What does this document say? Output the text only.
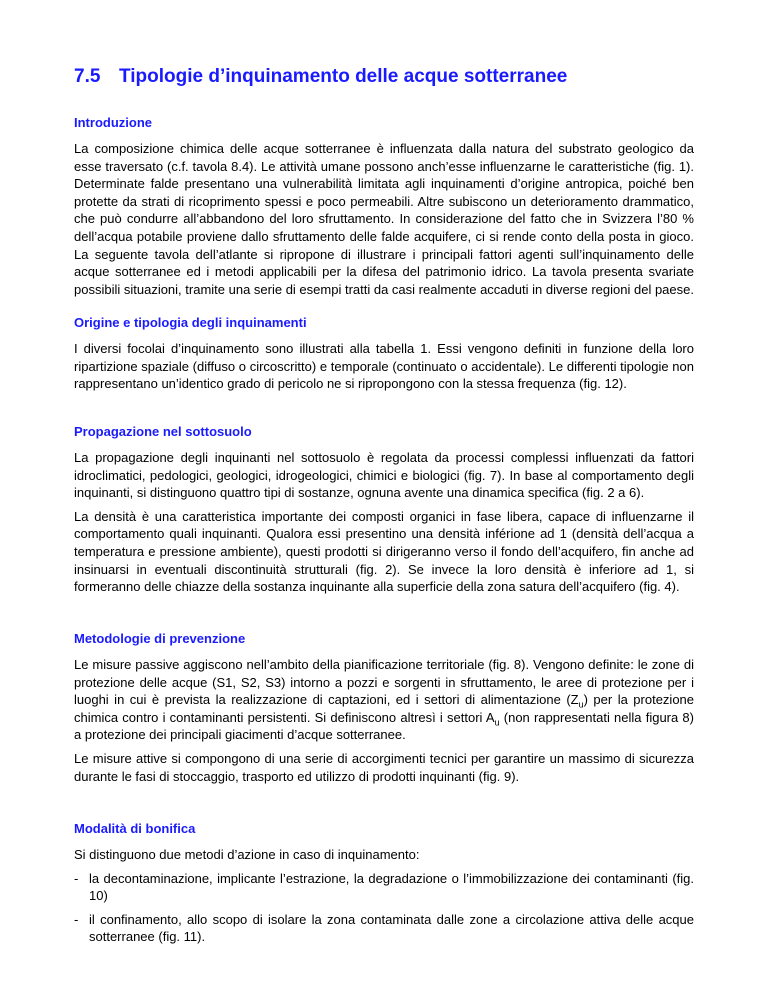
7.5 Tipologie d’inquinamento delle acque sotterranee
Introduzione

La composizione chimica delle acque sotterranee è influenzata dalla natura del substrato geologico da esse traversato (c.f. tavola 8.4). Le attività umane possono anch’esse influenzarne le caratteristiche (fig. 1). Determinate falde presentano una vulnerabilità limitata agli inquinamenti d’origine antropica, poiché ben protette da strati di ricoprimento spessi e poco permeabili. Altre subiscono un deterioramento drammatico, che può condurre all’abbandono del loro sfruttamento. In considerazione del fatto che in Svizzera l’80 % dell’acqua potabile proviene dallo sfruttamento delle falde acquifere, ci si rende conto della posta in gioco. La seguente tavola dell’atlante si ripropone di illustrare i principali fattori agenti sull’inquinamento delle acque sotterranee ed i metodi applicabili per la difesa del patrimonio idrico. La tavola presenta svariate possibili situazioni, tramite una serie di esempi tratti da casi realmente accaduti in diverse regioni del paese.

Origine e tipologia degli inquinamenti

I diversi focolai d’inquinamento sono illustrati alla tabella 1. Essi vengono definiti in funzione della loro ripartizione spaziale (diffuso o circoscritto) e temporale (continuato o accidentale). Le differenti tipologie non rappresentano un’identico grado di pericolo ne si ripropongono con la stessa frequenza (fig. 12).

Propagazione nel sottosuolo

La propagazione degli inquinanti nel sottosuolo è regolata da processi complessi influenzati da fattori idroclimatici, pedologici, geologici, idrogeologici, chimici e biologici (fig. 7). In base al comportamento degli inquinanti, si distinguono quattro tipi di sostanze, ognuna avente una dinamica specifica (fig. 2 a 6).

La densità è una caratteristica importante dei composti organici in fase libera, capace di influenzarne il comportamento quali inquinanti. Qualora essi presentino una densità inférione ad 1 (densità dell’acqua a temperatura e pressione ambiente), questi prodotti si dirigeranno verso il fondo dell’acquifero, fin anche ad insinuarsi in eventuali discontinuità strutturali (fig. 2). Se invece la loro densità è inferiore ad 1, si formeranno delle chiazze della sostanza inquinante alla superficie della zona satura dell’acquifero (fig. 4).

Metodologie di prevenzione

Le misure passive aggiscono nell’ambito della pianificazione territoriale (fig. 8). Vengono definite: le zone di protezione delle acque (S1, S2, S3) intorno a pozzi e sorgenti in sfruttamento, le aree di protezione per i luoghi in cui è prevista la realizzazione di captazioni, ed i settori di alimentazione $(Z_u)$ per la protezione chimica contro i contaminanti persistenti. Si definiscono altresì i settori $A_u$ (non rappresentati nella figura 8) a protezione dei principali giacimenti d’acque sotterranee.

Le misure attive si compongono di una serie di accorgimenti tecnici per garantire un massimo di sicurezza durante le fasi di stoccaggio, trasporto ed utilizzo di prodotti inquinanti (fig. 9).

Modalità di bonifica

Si distinguono due metodi d’azione in caso di inquinamento:

- la decontaminazione, implicante l’estrazione, la degradazione o l’immobilizzazione dei contaminanti (fig. 10)
- il confinamento, allo scopo di isolare la zona contaminata dalle zone a circolazione attiva delle acque sotterranee (fig. 11).
